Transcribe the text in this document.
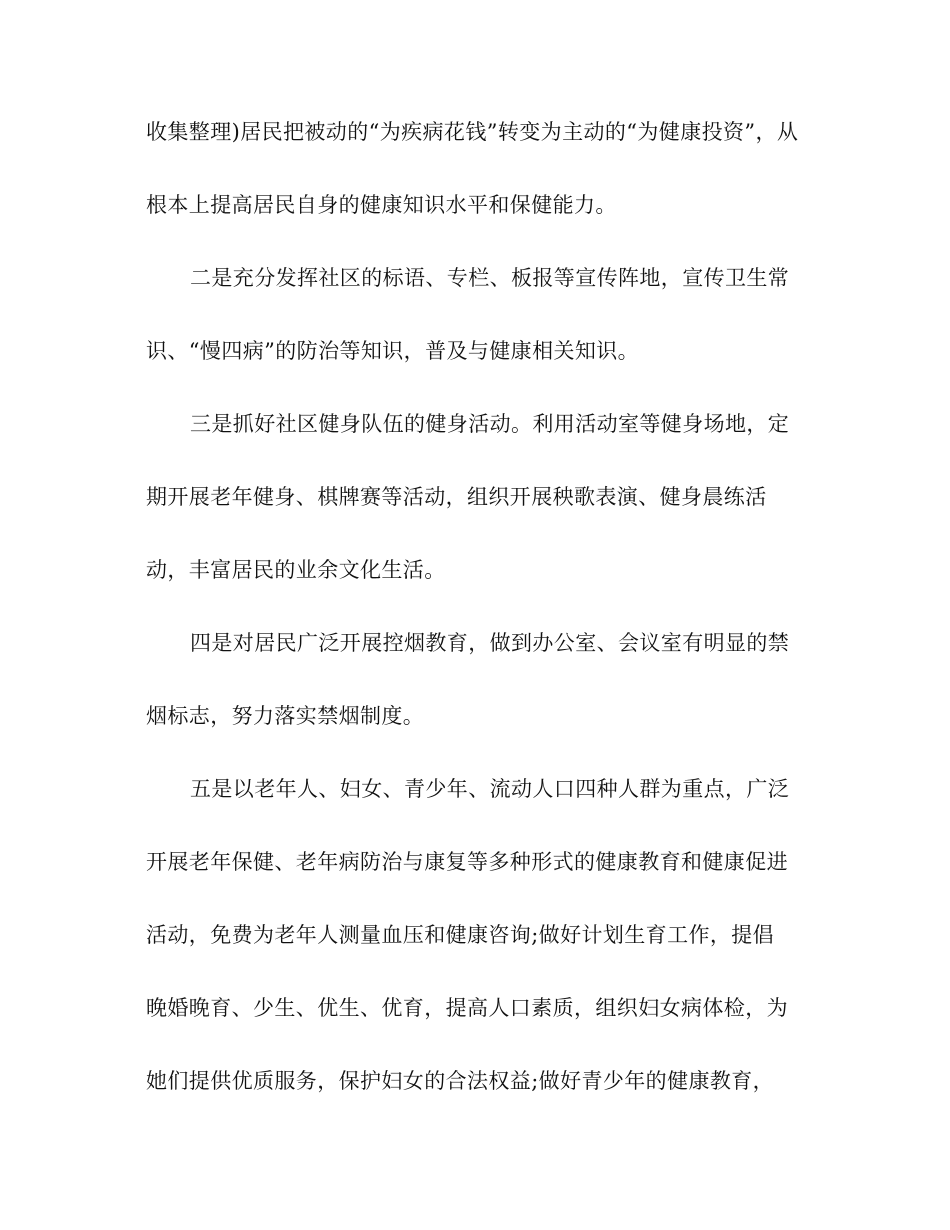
收集整理)居民把被动的“为疾病花钱”转变为主动的“为健康投资”，从
根本上提高居民自身的健康知识水平和保健能力。
二是充分发挥社区的标语、专栏、板报等宣传阵地，宣传卫生常
识、“慢四病”的防治等知识，普及与健康相关知识。
三是抓好社区健身队伍的健身活动。利用活动室等健身场地，定
期开展老年健身、棋牌赛等活动，组织开展秧歌表演、健身晨练活
动，丰富居民的业余文化生活。
四是对居民广泛开展控烟教育，做到办公室、会议室有明显的禁
烟标志，努力落实禁烟制度。
五是以老年人、妇女、青少年、流动人口四种人群为重点，广泛
开展老年保健、老年病防治与康复等多种形式的健康教育和健康促进
活动，免费为老年人测量血压和健康咨询;做好计划生育工作，提倡
晚婚晚育、少生、优生、优育，提高人口素质，组织妇女病体检，为
她们提供优质服务，保护妇女的合法权益;做好青少年的健康教育，
